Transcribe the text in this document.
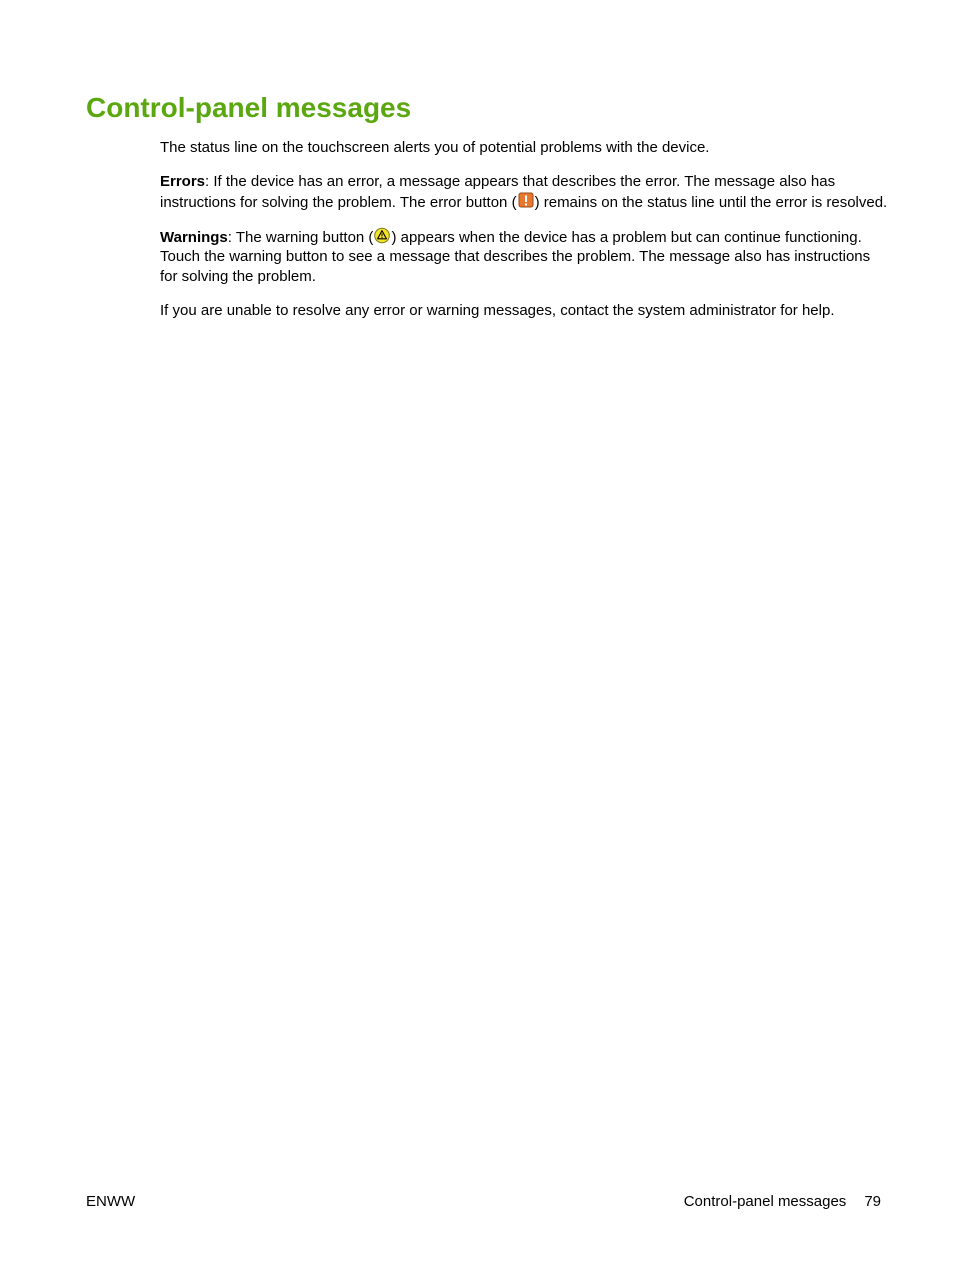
Control-panel messages

The status line on the touchscreen alerts you of potential problems with the device.

Errors: If the device has an error, a message appears that describes the error. The message also has instructions for solving the problem. The error button ( ) remains on the status line until the error is resolved.

Warnings: The warning button ( ) appears when the device has a problem but can continue functioning. Touch the warning button to see a message that describes the problem. The message also has instructions for solving the problem.

If you are unable to resolve any error or warning messages, contact the system administrator for help.

ENWW	Control-panel messages 79
